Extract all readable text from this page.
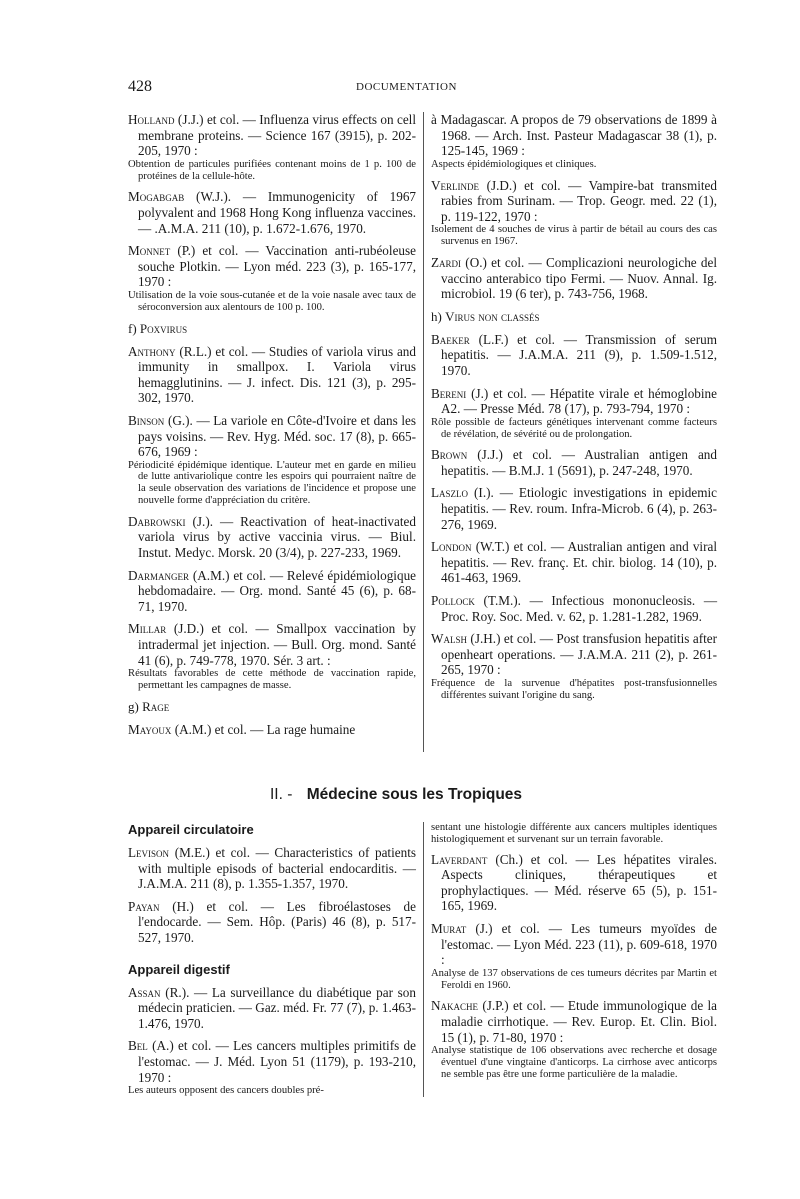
428	DOCUMENTATION

Holland (J.J.) et col. — Influenza virus effects on cell membrane proteins. — Science 167 (3915), p. 202-205, 1970 :

Obtention de particules purifiées contenant moins de 1 p. 100 de protéines de la cellule-hôte.

Mogabgab (W.J.). — Immunogenicity of 1967 polyvalent and 1968 Hong Kong influenza vaccines. — .A.M.A. 211 (10), p. 1.672-1.676, 1970.

Monnet (P.) et col. — Vaccination anti-rubéoleuse souche Plotkin. — Lyon méd. 223 (3), p. 165-177, 1970 :

Utilisation de la voie sous-cutanée et de la voie nasale avec taux de séroconversion aux alentours de 100 p. 100.

f) Poxvirus

Anthony (R.L.) et col. — Studies of variola virus and immunity in smallpox. I. Variola virus hemagglutinins. — J. infect. Dis. 121 (3), p. 295-302, 1970.

Binson (G.). — La variole en Côte-d'Ivoire et dans les pays voisins. — Rev. Hyg. Méd. soc. 17 (8), p. 665-676, 1969 :

Périodicité épidémique identique. L'auteur met en garde en milieu de lutte antivariolique contre les espoirs qui pourraient naître de la seule observation des variations de l'incidence et propose une nouvelle forme d'appréciation du critère.

Dabrowski (J.). — Reactivation of heat-inactivated variola virus by active vaccinia virus. — Biul. Instut. Medyc. Morsk. 20 (3/4), p. 227-233, 1969.

Darmanger (A.M.) et col. — Relevé épidémiologique hebdomadaire. — Org. mond. Santé 45 (6), p. 68-71, 1970.

Millar (J.D.) et col. — Smallpox vaccination by intradermal jet injection. — Bull. Org. mond. Santé 41 (6), p. 749-778, 1970. Sér. 3 art. :

Résultats favorables de cette méthode de vaccination rapide, permettant les campagnes de masse.

g) Rage

Mayoux (A.M.) et col. — La rage humaine

à Madagascar. A propos de 79 observations de 1899 à 1968. — Arch. Inst. Pasteur Madagascar 38 (1), p. 125-145, 1969 :

Aspects épidémiologiques et cliniques.

Verlinde (J.D.) et col. — Vampire-bat transmited rabies from Surinam. — Trop. Geogr. med. 22 (1), p. 119-122, 1970 :

Isolement de 4 souches de virus à partir de bétail au cours des cas survenus en 1967.

Zardi (O.) et col. — Complicazioni neurologiche del vaccino anterabico tipo Fermi. — Nuov. Annal. Ig. microbiol. 19 (6 ter), p. 743-756, 1968.

h) Virus non classés

Baeker (L.F.) et col. — Transmission of serum hepatitis. — J.A.M.A. 211 (9), p. 1.509-1.512, 1970.

Bereni (J.) et col. — Hépatite virale et hémoglobine A2. — Presse Méd. 78 (17), p. 793-794, 1970 :

Rôle possible de facteurs génétiques intervenant comme facteurs de révélation, de sévérité ou de prolongation.

Brown (J.J.) et col. — Australian antigen and hepatitis. — B.M.J. 1 (5691), p. 247-248, 1970.

Laszlo (I.). — Etiologic investigations in epidemic hepatitis. — Rev. roum. Infra-Microb. 6 (4), p. 263-276, 1969.

London (W.T.) et col. — Australian antigen and viral hepatitis. — Rev. franç. Et. chir. biolog. 14 (10), p. 461-463, 1969.

Pollock (T.M.). — Infectious mononucleosis. — Proc. Roy. Soc. Med. v. 62, p. 1.281-1.282, 1969.

Walsh (J.H.) et col. — Post transfusion hepatitis after openheart operations. — J.A.M.A. 211 (2), p. 261-265, 1970 :

Fréquence de la survenue d'hépatites post-transfusionnelles différentes suivant l'origine du sang.

II. - Médecine sous les Tropiques
Appareil circulatoire

Levison (M.E.) et col. — Characteristics of patients with multiple episods of bacterial endocarditis. — J.A.M.A. 211 (8), p. 1.355-1.357, 1970.

Payan (H.) et col. — Les fibroélastoses de l'endocarde. — Sem. Hôp. (Paris) 46 (8), p. 517-527, 1970.

Appareil digestif

Assan (R.). — La surveillance du diabétique par son médecin praticien. — Gaz. méd. Fr. 77 (7), p. 1.463-1.476, 1970.

Bel (A.) et col. — Les cancers multiples primitifs de l'estomac. — J. Méd. Lyon 51 (1179), p. 193-210, 1970 :

Les auteurs opposent des cancers doubles pré-

sentant une histologie différente aux cancers multiples identiques histologiquement et survenant sur un terrain favorable.

Laverdant (Ch.) et col. — Les hépatites virales. Aspects cliniques, thérapeutiques et prophylactiques. — Méd. réserve 65 (5), p. 151-165, 1969.

Murat (J.) et col. — Les tumeurs myoïdes de l'estomac. — Lyon Méd. 223 (11), p. 609-618, 1970 :

Analyse de 137 observations de ces tumeurs décrites par Martin et Feroldi en 1960.

Nakache (J.P.) et col. — Etude immunologique de la maladie cirrhotique. — Rev. Europ. Et. Clin. Biol. 15 (1), p. 71-80, 1970 :

Analyse statistique de 106 observations avec recherche et dosage éventuel d'une vingtaine d'anticorps. La cirrhose avec anticorps ne semble pas être une forme particulière de la maladie.
